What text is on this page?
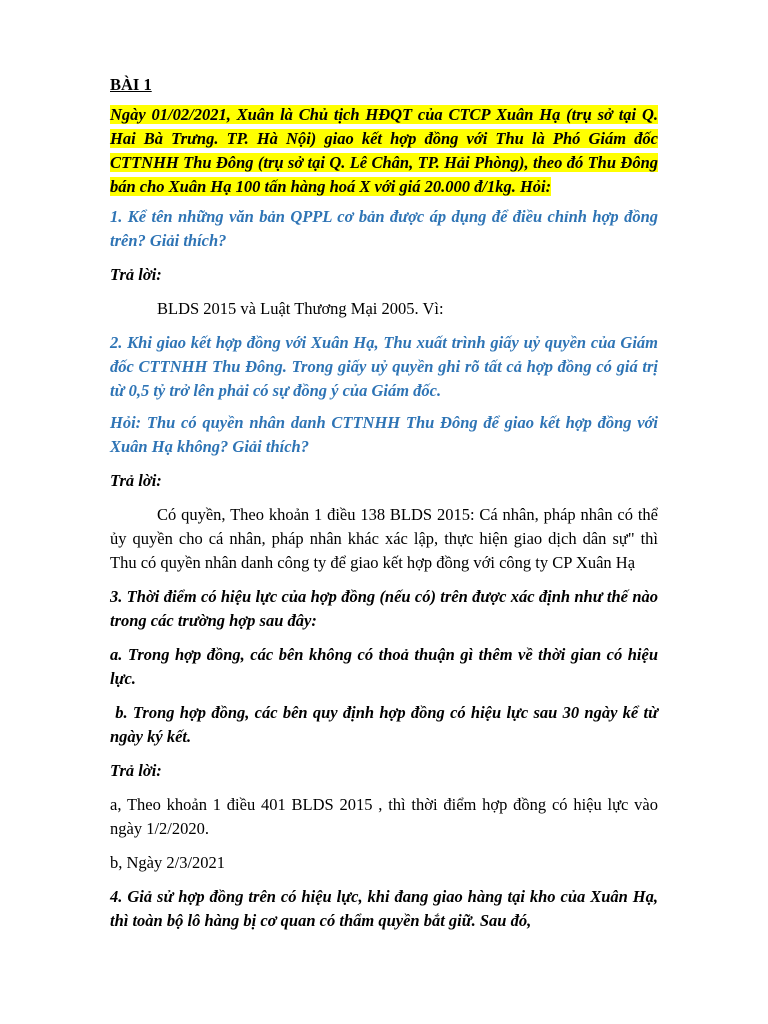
BÀI 1

Ngày 01/02/2021, Xuân là Chủ tịch HĐQT của CTCP Xuân Hạ (trụ sở tại Q. Hai Bà Trưng. TP. Hà Nội) giao kết hợp đồng với Thu là Phó Giám đốc CTTNHH Thu Đông (trụ sở tại Q. Lê Chân, TP. Hải Phòng), theo đó Thu Đông bán cho Xuân Hạ 100 tấn hàng hoá X với giá 20.000 đ/1kg. Hỏi:

1. Kể tên những văn bản QPPL cơ bản được áp dụng để điều chỉnh hợp đồng trên? Giải thích?

Trả lời:

BLDS 2015 và Luật Thương Mại 2005. Vì:

2. Khi giao kết hợp đồng với Xuân Hạ, Thu xuất trình giấy uỷ quyền của Giám đốc CTTNHH Thu Đông. Trong giấy uỷ quyền ghi rõ tất cả hợp đồng có giá trị từ 0,5 tỷ trở lên phải có sự đồng ý của Giám đốc.

Hỏi: Thu có quyền nhân danh CTTNHH Thu Đông để giao kết hợp đồng với Xuân Hạ không? Giải thích?

Trả lời:

Có quyền, Theo khoản 1 điều 138 BLDS 2015: Cá nhân, pháp nhân có thể ủy quyền cho cá nhân, pháp nhân khác xác lập, thực hiện giao dịch dân sự" thì Thu có quyền nhân danh công ty để giao kết hợp đồng với công ty CP Xuân Hạ

3. Thời điểm có hiệu lực của hợp đồng (nếu có) trên được xác định như thế nào trong các trường hợp sau đây:

a. Trong hợp đồng, các bên không có thoả thuận gì thêm về thời gian có hiệu lực.

b. Trong hợp đồng, các bên quy định hợp đồng có hiệu lực sau 30 ngày kể từ ngày ký kết.

Trả lời:

a, Theo khoản 1 điều 401 BLDS 2015 , thì thời điểm hợp đồng có hiệu lực vào ngày 1/2/2020.

b, Ngày 2/3/2021

4. Giả sử hợp đồng trên có hiệu lực, khi đang giao hàng tại kho của Xuân Hạ, thì toàn bộ lô hàng bị cơ quan có thẩm quyền bắt giữ. Sau đó,
